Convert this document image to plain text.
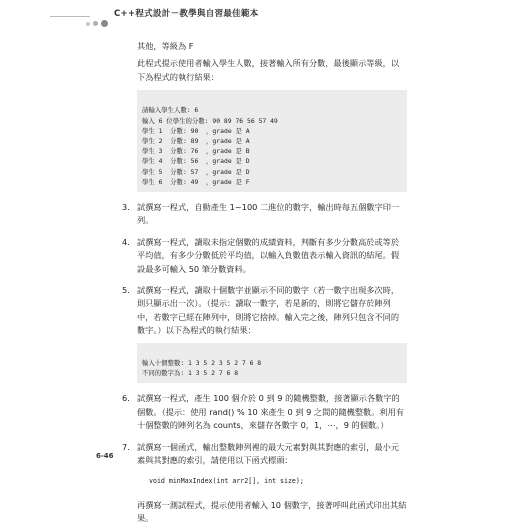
C++程式設計－教學與自習最佳範本

其他，等級為 F

此程式提示使用者輸入學生人數，接著輸入所有分數，最後顯示等級，以下為程式的執行結果：

請輸入學生人數: 6
輸入 6 位學生的分數: 90 89 76 56 57 49
學生 1  分數: 90  ，grade 是 A
學生 2  分數: 89  ，grade 是 A
學生 3  分數: 76  ，grade 是 B
學生 4  分數: 56  ，grade 是 D
學生 5  分數: 57  ，grade 是 D
學生 6  分數: 49  ，grade 是 F
3. 試撰寫一程式，自動產生 1~100 二進位的數字，輸出時每五個數字印一列。
4. 試撰寫一程式，讀取未指定個數的成績資料，判斷有多少分數高於或等於平均值，有多少分數低於平均值，以輸入負數值表示輸入資訊的結尾。假設最多可輸入 50 筆分數資料。
5. 試撰寫一程式，讀取十個數字並顯示不同的數字（若一數字出現多次時，則只顯示出一次）。（提示：讀取一數字，若是新的，則將它儲存於陣列中，若數字已經在陣列中，則將它捨掉。輸入完之後，陣列只包含不同的數字。）以下為程式的執行結果：

輸入十個整數: 1 3 5 2 3 5 2 7 6 8
不同的數字為: 1 3 5 2 7 6 8
6. 試撰寫一程式，產生 100 個介於 0 到 9 的隨機整數，接著顯示各數字的個數。（提示：使用 rand() % 10 來產生 0 到 9 之間的隨機整數。利用有十個整數的陣列名為 counts，來儲存各數字 0，1，⋯，9 的個數。）
7. 試撰寫一個函式，輸出整數陣列裡的最大元素對與其對應的索引，最小元素與其對應的索引，請使用以下函式標頭：
void minMaxIndex(int arr2[], int size);

再撰寫一測試程式，提示使用者輸入 10 個數字，接著呼叫此函式印出其結果。

6-46
